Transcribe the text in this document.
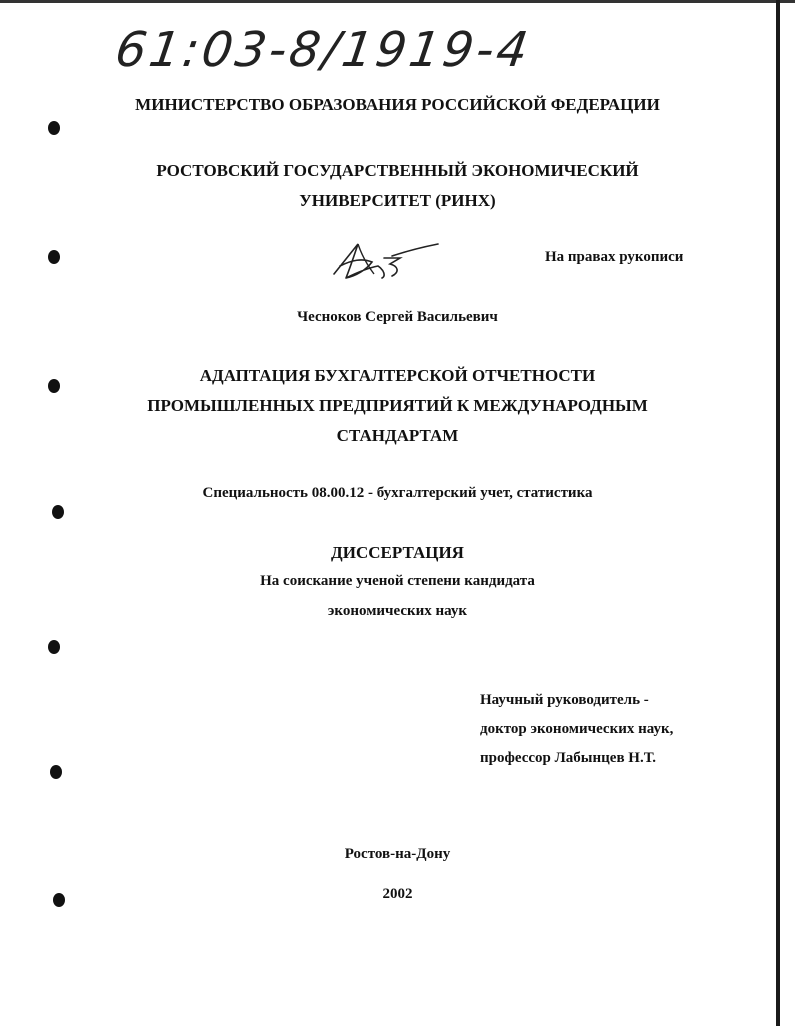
61:03-8/1919-4
МИНИСТЕРСТВО ОБРАЗОВАНИЯ РОССИЙСКОЙ ФЕДЕРАЦИИ
РОСТОВСКИЙ ГОСУДАРСТВЕННЫЙ ЭКОНОМИЧЕСКИЙ
УНИВЕРСИТЕТ (РИНХ)
На правах рукописи
Чесноков Сергей Васильевич
АДАПТАЦИЯ БУХГАЛТЕРСКОЙ ОТЧЕТНОСТИ
ПРОМЫШЛЕННЫХ ПРЕДПРИЯТИЙ К МЕЖДУНАРОДНЫМ
СТАНДАРТАМ
Специальность 08.00.12 - бухгалтерский учет, статистика
ДИССЕРТАЦИЯ
На соискание ученой степени кандидата
экономических наук
Научный руководитель -
доктор экономических наук,
профессор Лабынцев Н.Т.
Ростов-на-Дону
2002
